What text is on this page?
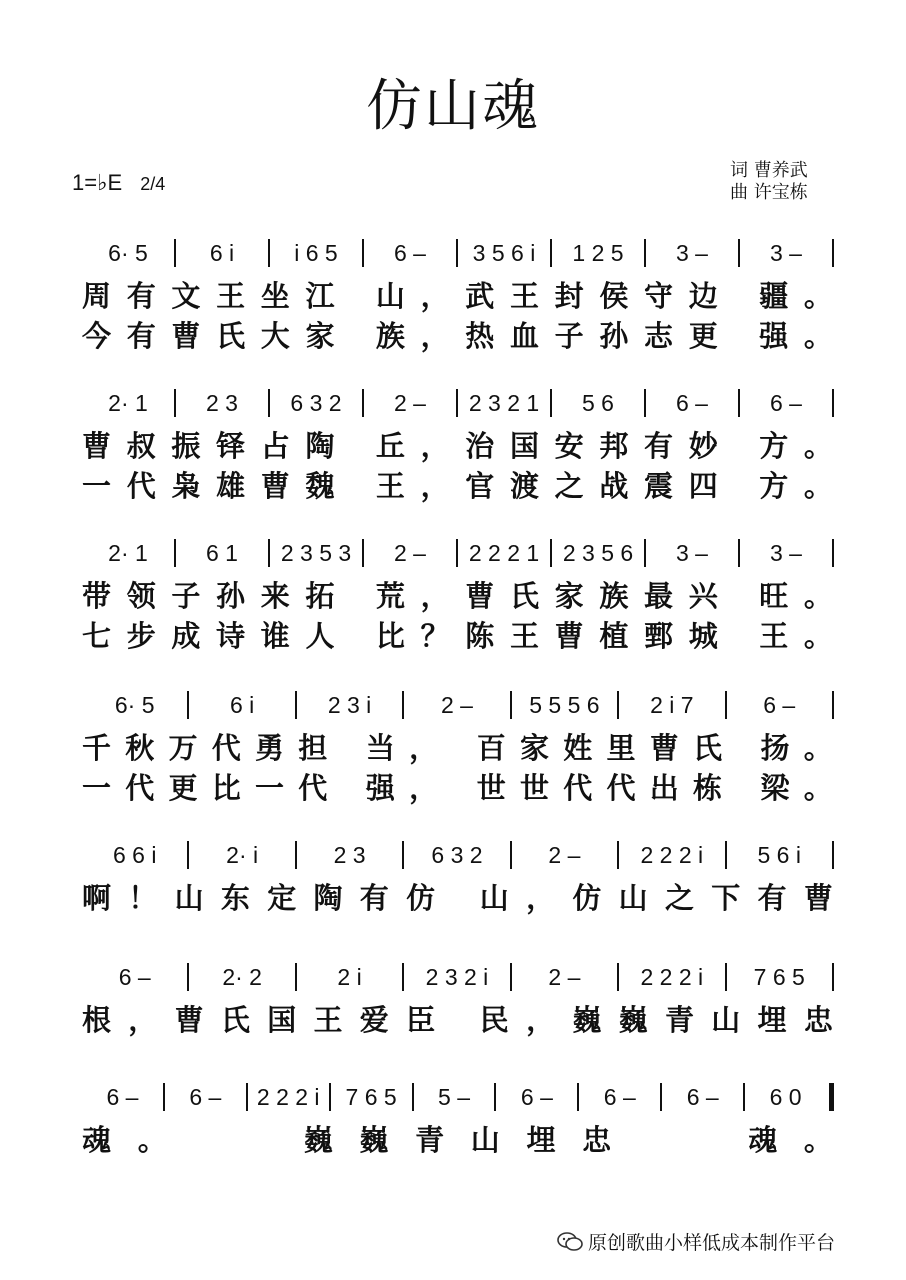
仿山魂
1=♭E 2/4
词 曹养武
曲 许宝栋
6· 5	6 i	i 6 5	6 –	3 5 6 i	1 2 5	3 –	3 –
周 有 文 王 坐 江
山 ， 武 王 封 侯 守 边
疆 。
今 有 曹 氏 大 家
族 ， 热 血 子 孙 志 更
强 。
2· 1	2 3	6 3 2	2 –	2 3 2 1	5 6	6 –	6 –
曹 叔 振 铎 占 陶
丘 ， 治 国 安 邦 有 妙
方 。
一 代 枭 雄 曹 魏
王 ， 官 渡 之 战 震 四
方 。
2· 1	6 1	2 3 5 3	2 –	2 2 2 1	2 3 5 6	3 –	3 –
带 领 子 孙 来 拓
荒 ， 曹 氏 家 族 最 兴
旺 。
七 步 成 诗 谁 人
比 ？ 陈 王 曹 植 鄄 城
王 。
6· 5	6 i	2 3 i	2 –	5 5 5 6	2 i 7	6 –
千 秋 万 代 勇 担
当 ，
百 家 姓 里 曹 氏
扬 。
一 代 更 比 一 代
强 ，
世 世 代 代 出 栋
梁 。
6 6 i	2· i	2 3	6 3 2	2 –	2 2 2 i	5 6 i
啊 ！ 山 东 定 陶 有 仿
山 ， 仿 山 之 下 有 曹
6 –	2· 2	2 i	2 3 2 i	2 –	2 2 2 i	7 6 5
根 ， 曹 氏 国 王 爱 臣
民 ， 巍 巍 青 山 埋 忠
6 –	6 –	2 2 2 i	7 6 5	5 –	6 –	6 –	6 –	6 0
魂 。

	巍 巍 青 山 埋 忠

	魂 。
原创歌曲小样低成本制作平台
